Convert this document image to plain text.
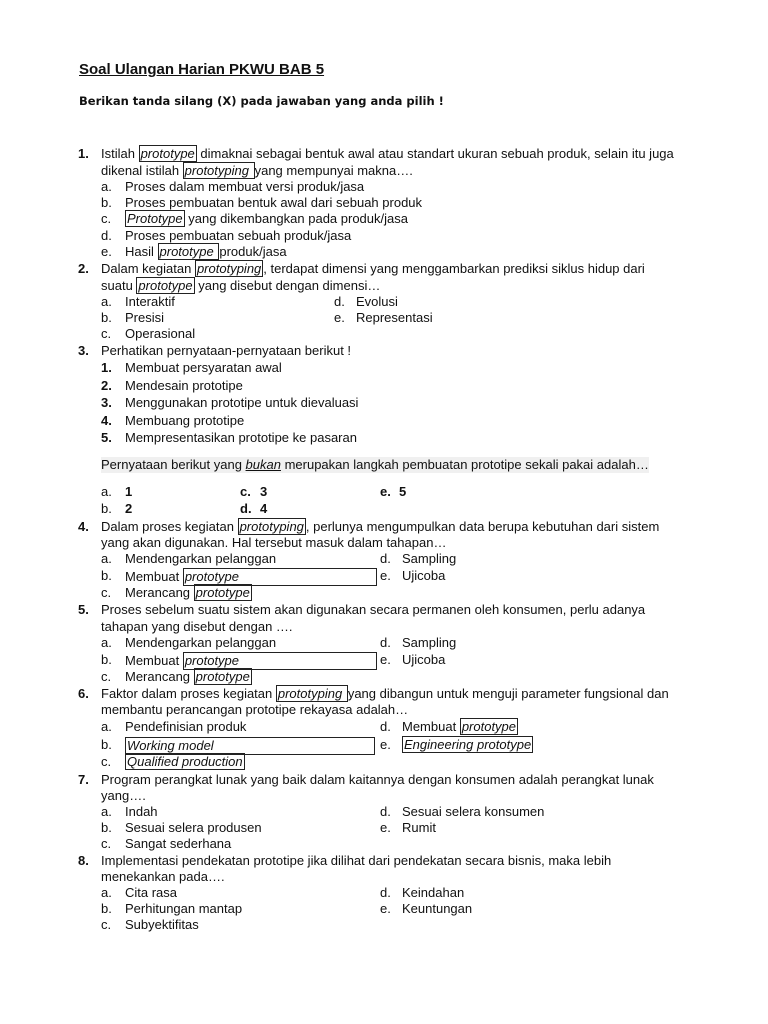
Soal Ulangan Harian PKWU BAB 5
Berikan tanda silang (X) pada jawaban yang anda pilih !
1. Istilah prototype dimaknai sebagai bentuk awal atau standart ukuran sebuah produk, selain itu juga
dikenal istilah prototyping yang mempunyai makna….
a. Proses dalam membuat versi produk/jasa
b. Proses pembuatan bentuk awal dari sebuah produk
c. Prototype yang dikembangkan pada produk/jasa
d. Proses pembuatan sebuah produk/jasa
e. Hasil prototype produk/jasa
2. Dalam kegiatan prototyping , terdapat dimensi yang menggambarkan prediksi siklus hidup dari
suatu prototype yang disebut dengan dimensi…
a. Interaktif	d. Evolusi
b. Presisi	e. Representasi
c. Operasional
3. Perhatikan pernyataan-pernyataan berikut !
1. Membuat persyaratan awal
2. Mendesain prototipe
3. Menggunakan prototipe untuk dievaluasi
4. Membuang prototipe
5. Mempresentasikan prototipe ke pasaran
Pernyataan berikut yang bukan merupakan langkah pembuatan prototipe sekali pakai adalah…
a. 1	c. 3	e. 5
b. 2	d. 4
4. Dalam proses kegiatan prototyping , perlunya mengumpulkan data berupa kebutuhan dari sistem
yang akan digunakan. Hal tersebut masuk dalam tahapan…
a. Mendengarkan pelanggan	d. Sampling
b. Membuat prototype	e. Ujicoba
c. Merancang prototype
5. Proses sebelum suatu sistem akan digunakan secara permanen oleh konsumen, perlu adanya
tahapan yang disebut dengan ….
a. Mendengarkan pelanggan	d. Sampling
b. Membuat prototype	e. Ujicoba
c. Merancang prototype
6. Faktor dalam proses kegiatan prototyping yang dibangun untuk menguji parameter fungsional dan
membantu perancangan prototipe rekayasa adalah…
a. Pendefinisian produk	d. Membuat prototype
b. Working model	e. Engineering prototype
c. Qualified production
7. Program perangkat lunak yang baik dalam kaitannya dengan konsumen adalah perangkat lunak
yang….
a. Indah	d. Sesuai selera konsumen
b. Sesuai selera produsen	e. Rumit
c. Sangat sederhana
8. Implementasi pendekatan prototipe jika dilihat dari pendekatan secara bisnis, maka lebih
menekankan pada….
a. Cita rasa	d. Keindahan
b. Perhitungan mantap	e. Keuntungan
c. Subyektifitas
